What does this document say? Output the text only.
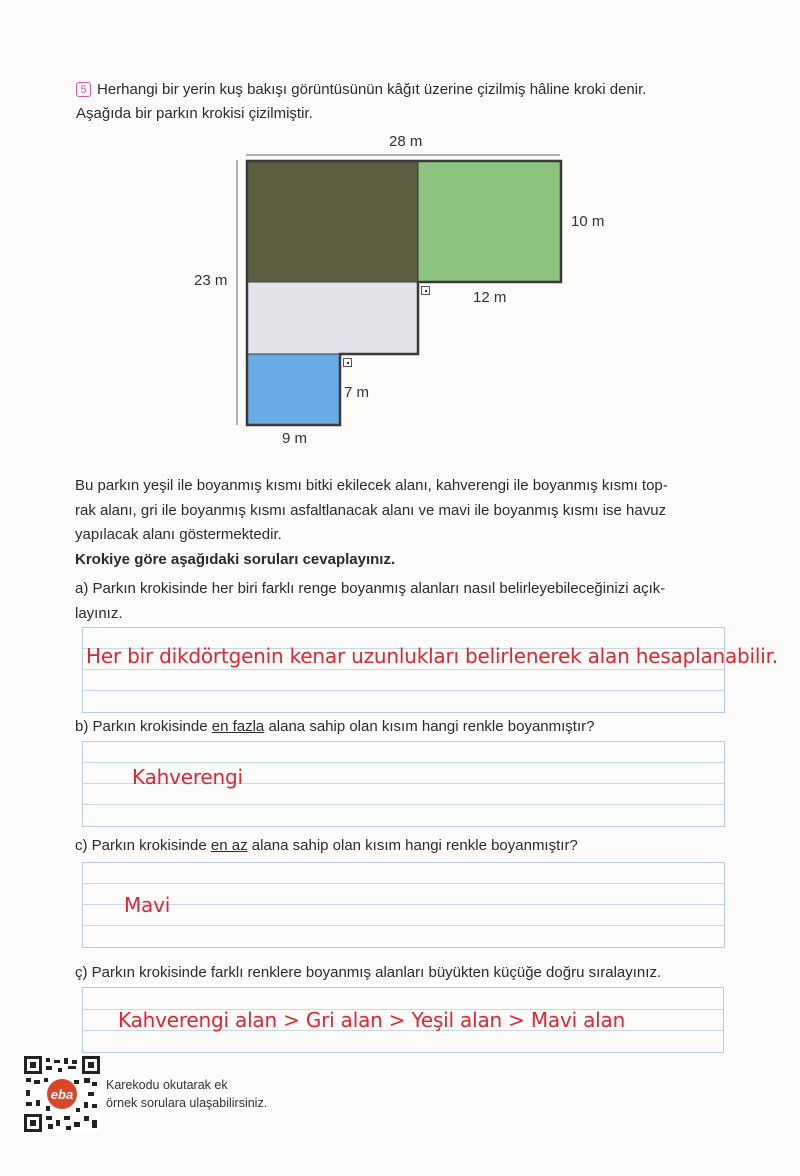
5 Herhangi bir yerin kuş bakışı görüntüsünün kâğıt üzerine çizilmiş hâline kroki denir.
Aşağıda bir parkın krokisi çizilmiştir.
28 m
10 m
23 m
12 m
7 m
9 m
Bu parkın yeşil ile boyanmış kısmı bitki ekilecek alanı, kahverengi ile boyanmış kısmı top-
rak alanı, gri ile boyanmış kısmı asfaltlanacak alanı ve mavi ile boyanmış kısmı ise havuz
yapılacak alanı göstermektedir.
Krokiye göre aşağıdaki soruları cevaplayınız.
a) Parkın krokisinde her biri farklı renge boyanmış alanları nasıl belirleyebileceğinizi açık-
layınız.
Her bir dikdörtgenin kenar uzunlukları belirlenerek alan hesaplanabilir.
b) Parkın krokisinde en fazla alana sahip olan kısım hangi renkle boyanmıştır?
Kahverengi
c) Parkın krokisinde en az alana sahip olan kısım hangi renkle boyanmıştır?
Mavi
ç) Parkın krokisinde farklı renklere boyanmış alanları büyükten küçüğe doğru sıralayınız.
Kahverengi alan > Gri alan > Yeşil alan > Mavi alan
eba
Karekodu okutarak ek
örnek sorulara ulaşabilirsiniz.
